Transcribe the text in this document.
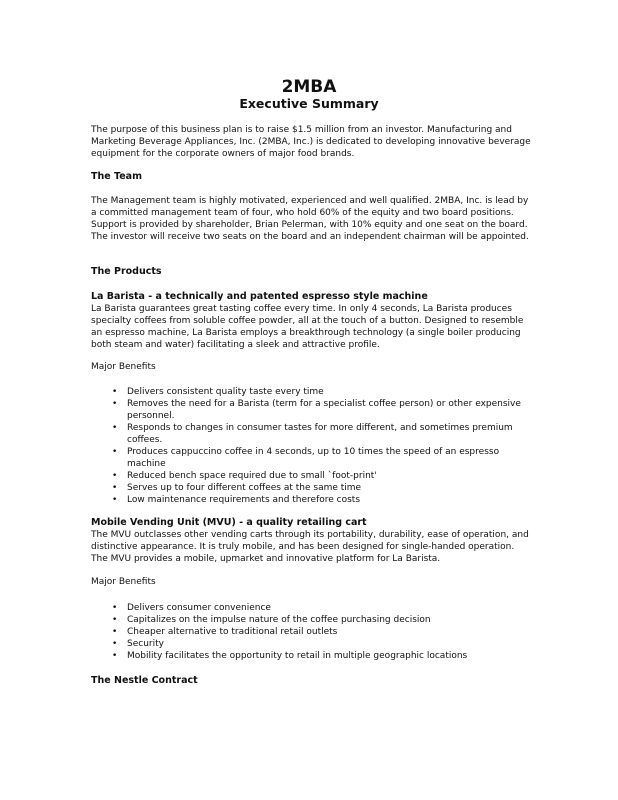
2MBA
Executive Summary

The purpose of this business plan is to raise $1.5 million from an investor. Manufacturing and Marketing Beverage Appliances, Inc. (2MBA, Inc.) is dedicated to developing innovative beverage equipment for the corporate owners of major food brands.

The Team

The Management team is highly motivated, experienced and well qualified. 2MBA, Inc. is lead by a committed management team of four, who hold 60% of the equity and two board positions. Support is provided by shareholder, Brian Pelerman, with 10% equity and one seat on the board. The investor will receive two seats on the board and an independent chairman will be appointed.

The Products
La Barista - a technically and patented espresso style machine

La Barista guarantees great tasting coffee every time. In only 4 seconds, La Barista produces specialty coffees from soluble coffee powder, all at the touch of a button. Designed to resemble an espresso machine, La Barista employs a breakthrough technology (a single boiler producing both steam and water) facilitating a sleek and attractive profile.

Major Benefits
• Delivers consistent quality taste every time
• Removes the need for a Barista (term for a specialist coffee person) or other expensive personnel.
• Responds to changes in consumer tastes for more different, and sometimes premium coffees.
• Produces cappuccino coffee in 4 seconds, up to 10 times the speed of an espresso machine
• Reduced bench space required due to small `foot-print'
• Serves up to four different coffees at the same time
• Low maintenance requirements and therefore costs
Mobile Vending Unit (MVU) - a quality retailing cart

The MVU outclasses other vending carts through its portability, durability, ease of operation, and distinctive appearance. It is truly mobile, and has been designed for single-handed operation. The MVU provides a mobile, upmarket and innovative platform for La Barista.

Major Benefits
• Delivers consumer convenience
• Capitalizes on the impulse nature of the coffee purchasing decision
• Cheaper alternative to traditional retail outlets
• Security
• Mobility facilitates the opportunity to retail in multiple geographic locations
The Nestle Contract
